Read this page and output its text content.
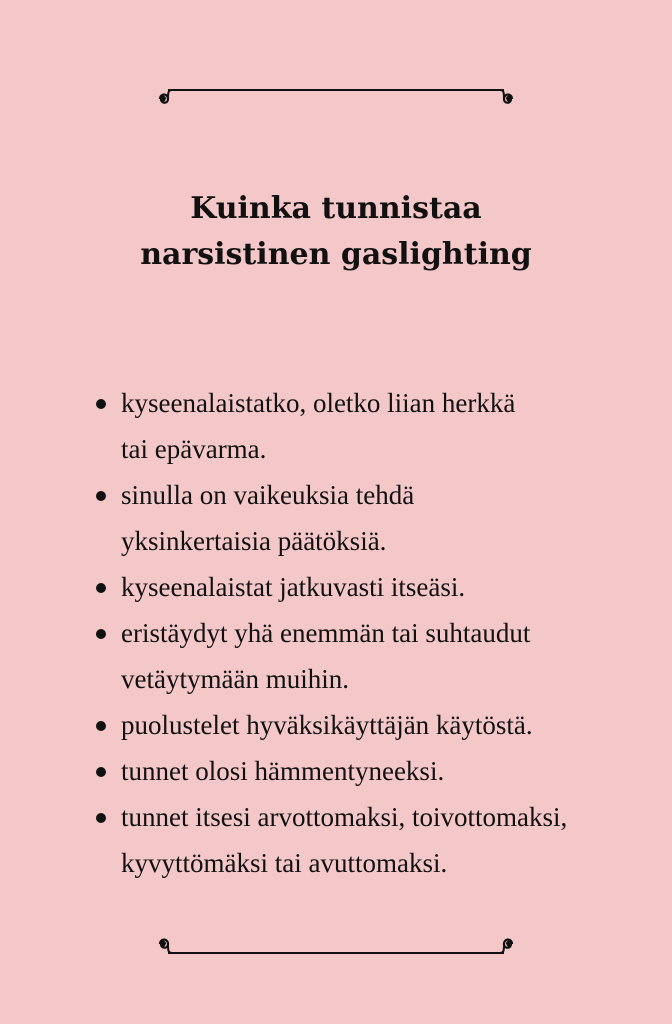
Kuinka tunnistaa
narsistinen gaslighting
kyseenalaistatko, oletko liian herkkä
tai epävarma.
sinulla on vaikeuksia tehdä
yksinkertaisia päätöksiä.
kyseenalaistat jatkuvasti itseäsi.
eristäydyt yhä enemmän tai suhtaudut
vetäytymään muihin.
puolustelet hyväksikäyttäjän käytöstä.
tunnet olosi hämmentyneeksi.
tunnet itsesi arvottomaksi, toivottomaksi,
kyvyttömäksi tai avuttomaksi.
